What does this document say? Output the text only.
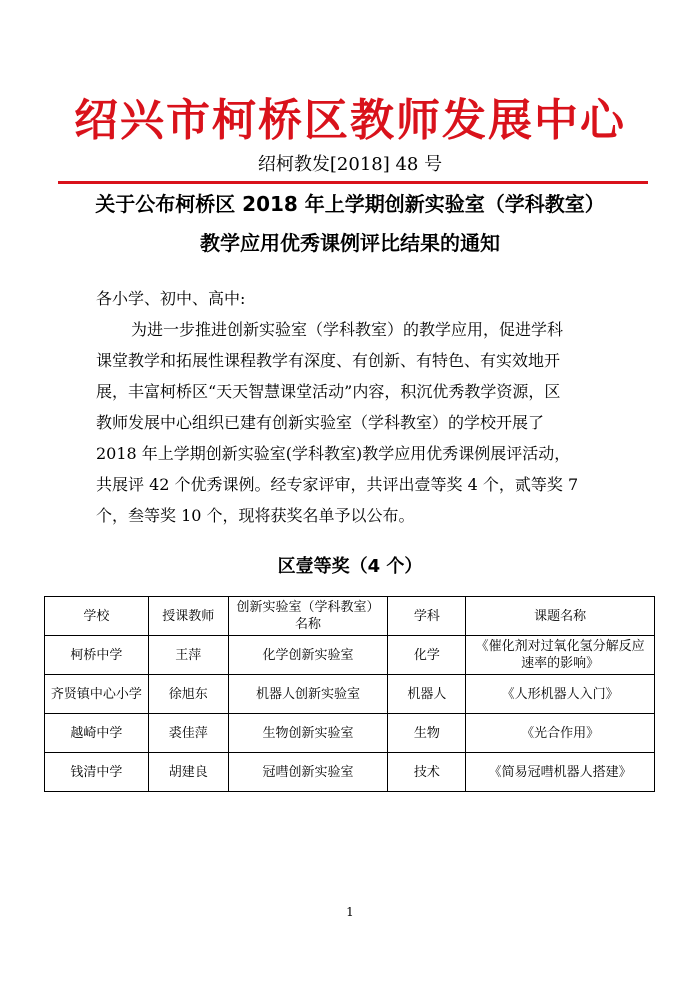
绍兴市柯桥区教师发展中心
绍柯教发[2018] 48 号
关于公布柯桥区 2018 年上学期创新实验室（学科教室）
教学应用优秀课例评比结果的通知
各小学、初中、高中:
为进一步推进创新实验室（学科教室）的教学应用，促进学科
课堂教学和拓展性课程教学有深度、有创新、有特色、有实效地开
展，丰富柯桥区“天天智慧课堂活动”内容，积沉优秀教学资源，区
教师发展中心组织已建有创新实验室（学科教室）的学校开展了
2018 年上学期创新实验室(学科教室)教学应用优秀课例展评活动，
共展评 42 个优秀课例。经专家评审，共评出壹等奖 4 个，贰等奖 7
个，叁等奖 10 个，现将获奖名单予以公布。
区壹等奖（4 个）
学校	授课教师	创新实验室（学科教室）名称	学科	课题名称
柯桥中学	王萍	化学创新实验室	化学	《催化剂对过氧化氢分解反应速率的影响》
齐贤镇中心小学	徐旭东	机器人创新实验室	机器人	《人形机器人入门》
越崎中学	裘佳萍	生物创新实验室	生物	《光合作用》
钱清中学	胡建良	冠嘒创新实验室	技术	《简易冠嘒机器人搭建》
1
